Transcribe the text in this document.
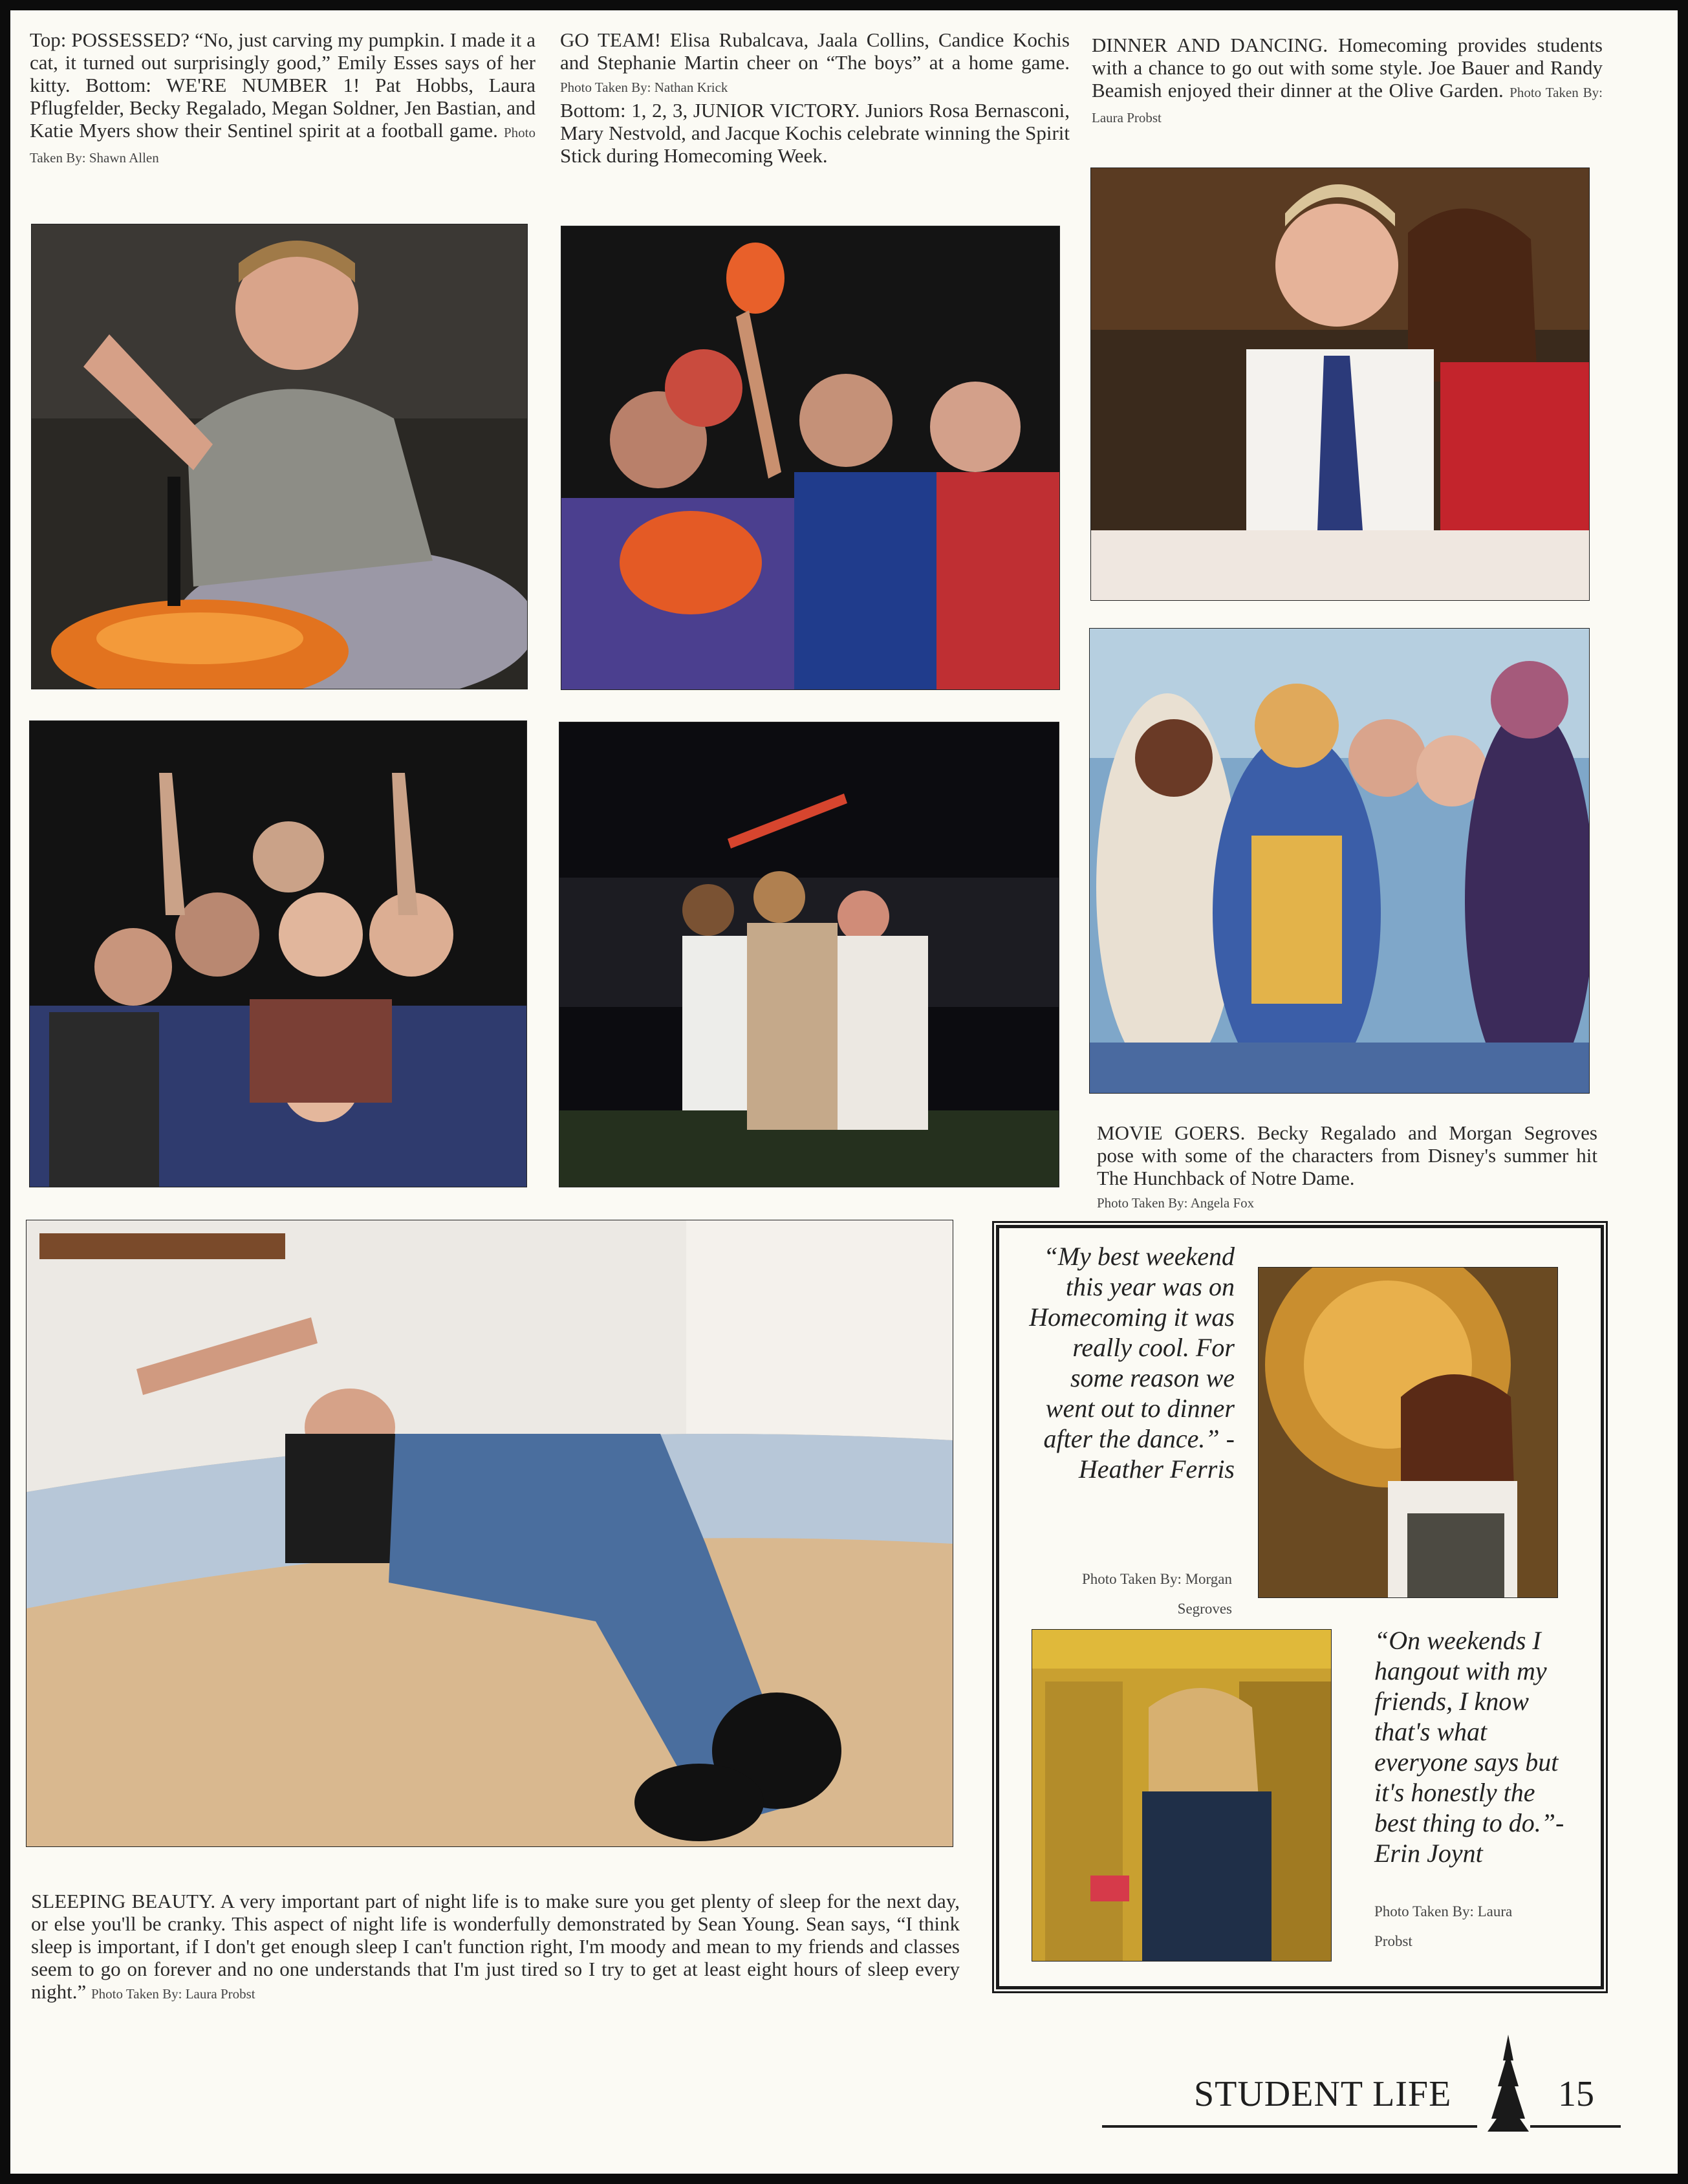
Top: POSSESSED? “No, just carving my pumpkin. I made it a cat, it turned out surprisingly good,” Emily Esses says of her kitty. Bottom: WE'RE NUMBER 1! Pat Hobbs, Laura Pflugfelder, Becky Regalado, Megan Soldner, Jen Bastian, and Katie Myers show their Sentinel spirit at a football game. Photo Taken By: Shawn Allen

GO TEAM! Elisa Rubalcava, Jaala Collins, Candice Kochis and Stephanie Martin cheer on “The boys” at a home game. Photo Taken By: Nathan Krick
Bottom: 1, 2, 3, JUNIOR VICTORY. Juniors Rosa Bernasconi, Mary Nestvold, and Jacque Kochis celebrate winning the Spirit Stick during Homecoming Week.

DINNER AND DANCING. Homecoming provides students with a chance to go out with some style. Joe Bauer and Randy Beamish enjoyed their dinner at the Olive Garden. Photo Taken By: Laura Probst

MOVIE GOERS. Becky Regalado and Morgan Segroves pose with some of the characters from Disney's summer hit The Hunchback of Notre Dame.
Photo Taken By: Angela Fox

SLEEPING BEAUTY. A very important part of night life is to make sure you get plenty of sleep for the next day, or else you'll be cranky. This aspect of night life is wonderfully demonstrated by Sean Young. Sean says, “I think sleep is important, if I don't get enough sleep I can't function right, I'm moody and mean to my friends and classes seem to go on forever and no one understands that I'm just tired so I try to get at least eight hours of sleep every night.” Photo Taken By: Laura Probst

“My best weekend this year was on Homecoming it was really cool. For some reason we went out to dinner after the dance.” -Heather Ferris

Photo Taken By: Morgan
Segroves

“On weekends I hangout with my friends, I know that's what everyone says but it's honestly the best thing to do.”-Erin Joynt

Photo Taken By: Laura
Probst
STUDENT LIFE	15
